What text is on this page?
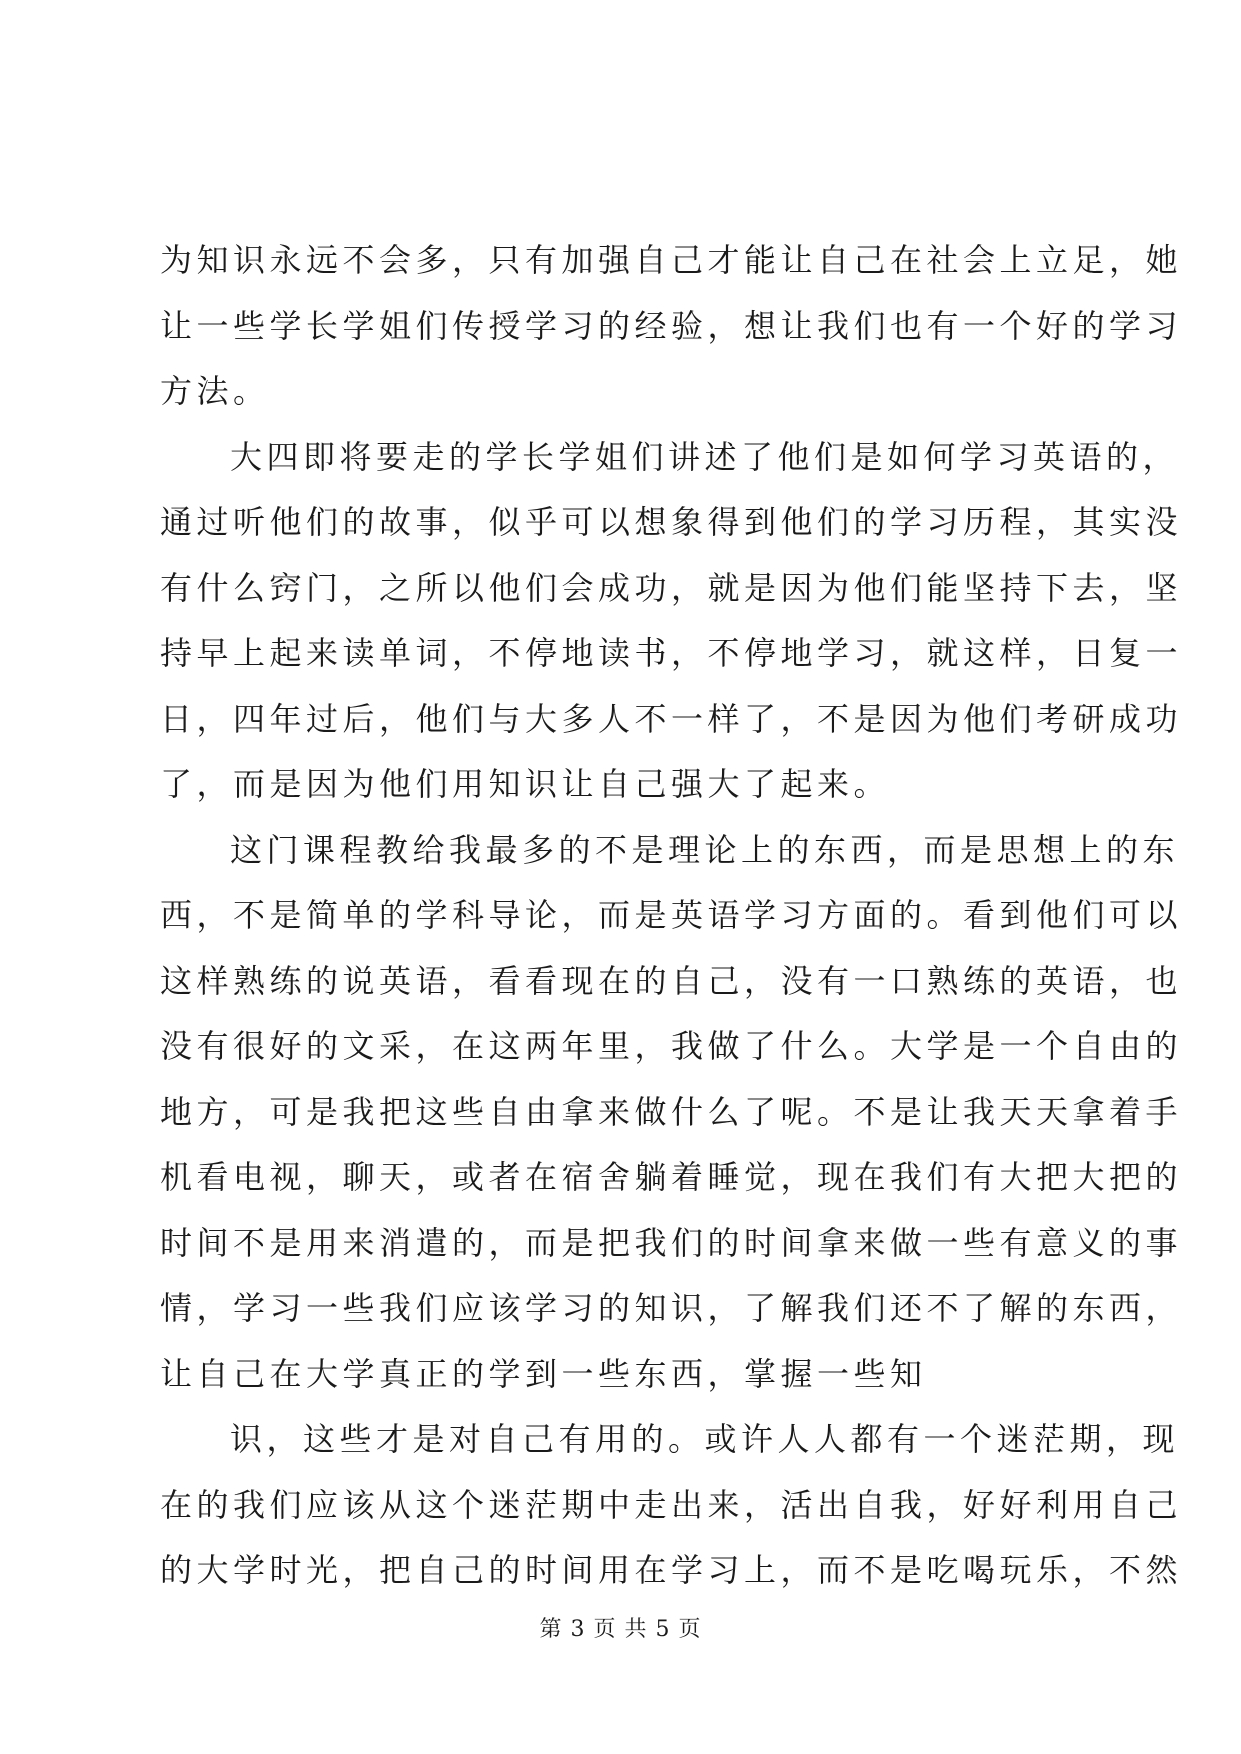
为知识永远不会多，只有加强自己才能让自己在社会上立足，她
让一些学长学姐们传授学习的经验，想让我们也有一个好的学习
方法。
大四即将要走的学长学姐们讲述了他们是如何学习英语的，
通过听他们的故事，似乎可以想象得到他们的学习历程，其实没
有什么窍门，之所以他们会成功，就是因为他们能坚持下去，坚
持早上起来读单词，不停地读书，不停地学习，就这样，日复一
日，四年过后，他们与大多人不一样了，不是因为他们考研成功
了，而是因为他们用知识让自己强大了起来。
这门课程教给我最多的不是理论上的东西，而是思想上的东
西，不是简单的学科导论，而是英语学习方面的。看到他们可以
这样熟练的说英语，看看现在的自己，没有一口熟练的英语，也
没有很好的文采，在这两年里，我做了什么。大学是一个自由的
地方，可是我把这些自由拿来做什么了呢。不是让我天天拿着手
机看电视，聊天，或者在宿舍躺着睡觉，现在我们有大把大把的
时间不是用来消遣的，而是把我们的时间拿来做一些有意义的事
情，学习一些我们应该学习的知识，了解我们还不了解的东西，
让自己在大学真正的学到一些东西，掌握一些知
识，这些才是对自己有用的。或许人人都有一个迷茫期，现
在的我们应该从这个迷茫期中走出来，活出自我，好好利用自己
的大学时光，把自己的时间用在学习上，而不是吃喝玩乐，不然
第 3 页 共 5 页
